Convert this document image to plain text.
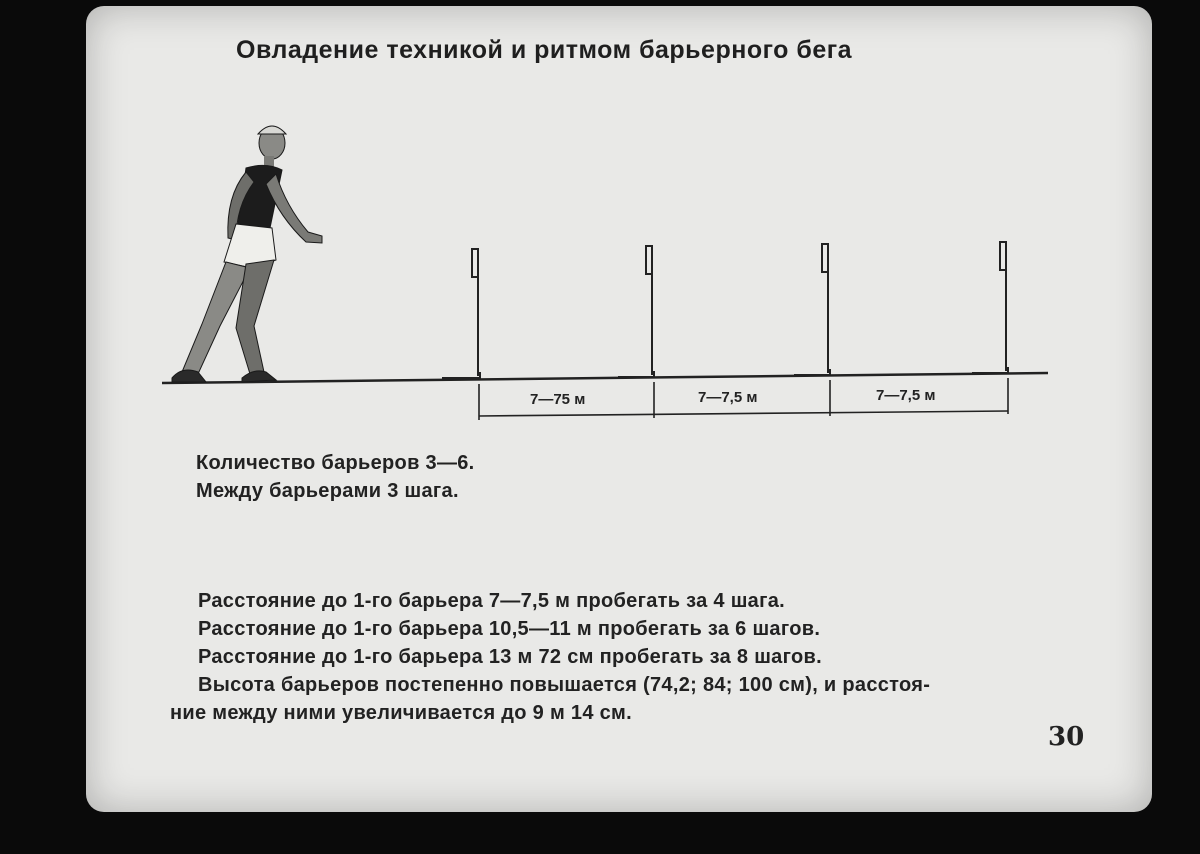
Овладение техникой и ритмом барьерного бега
7—75 м	7—7,5 м	7—7,5 м
Количество барьеров 3—6.
Между барьерами 3 шага.
Расстояние до 1-го барьера 7—7,5 м пробегать за 4 шага.
Расстояние до 1-го барьера 10,5—11 м пробегать за 6 шагов.
Расстояние до 1-го барьера 13 м 72 см пробегать за 8 шагов.
Высота барьеров постепенно повышается (74,2; 84; 100 см), и расстоя-
ние между ними увеличивается до 9 м 14 см.
30
